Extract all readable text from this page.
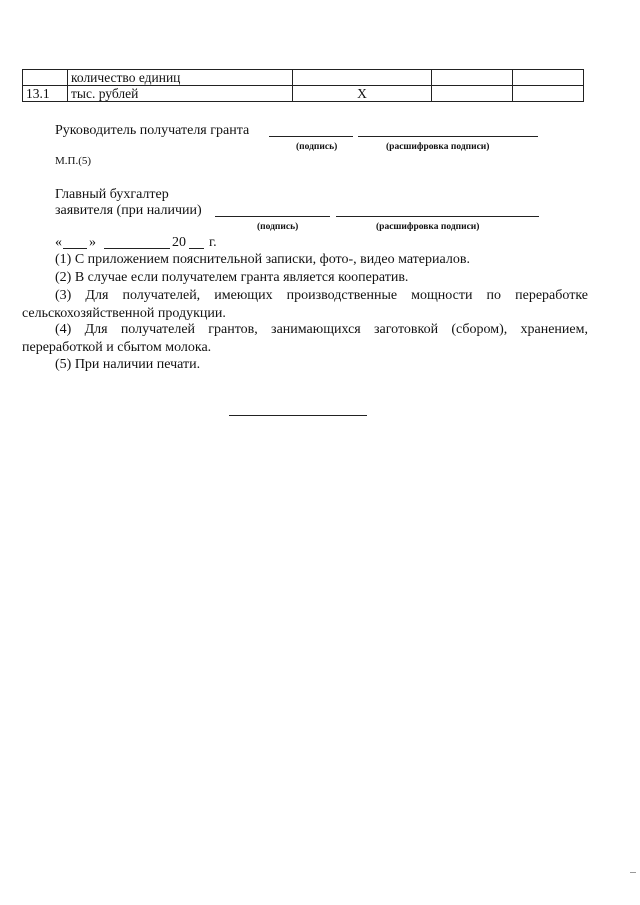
	количество единиц			
13.1	тыс. рублей	X		
Руководитель получателя гранта
(подпись)	(расшифровка подписи)
М.П.(5)
Главный бухгалтер
заявителя (при наличии)
(подпись)	(расшифровка подписи)
« »	20 г.
(1) С приложением пояснительной записки, фото-, видео материалов.
(2) В случае если получателем гранта является кооператив.
(3) Для получателей, имеющих производственные мощности по переработке сельскохозяйственной продукции.
(4) Для получателей грантов, занимающихся заготовкой (сбором), хранением, переработкой и сбытом молока.
(5) При наличии печати.
